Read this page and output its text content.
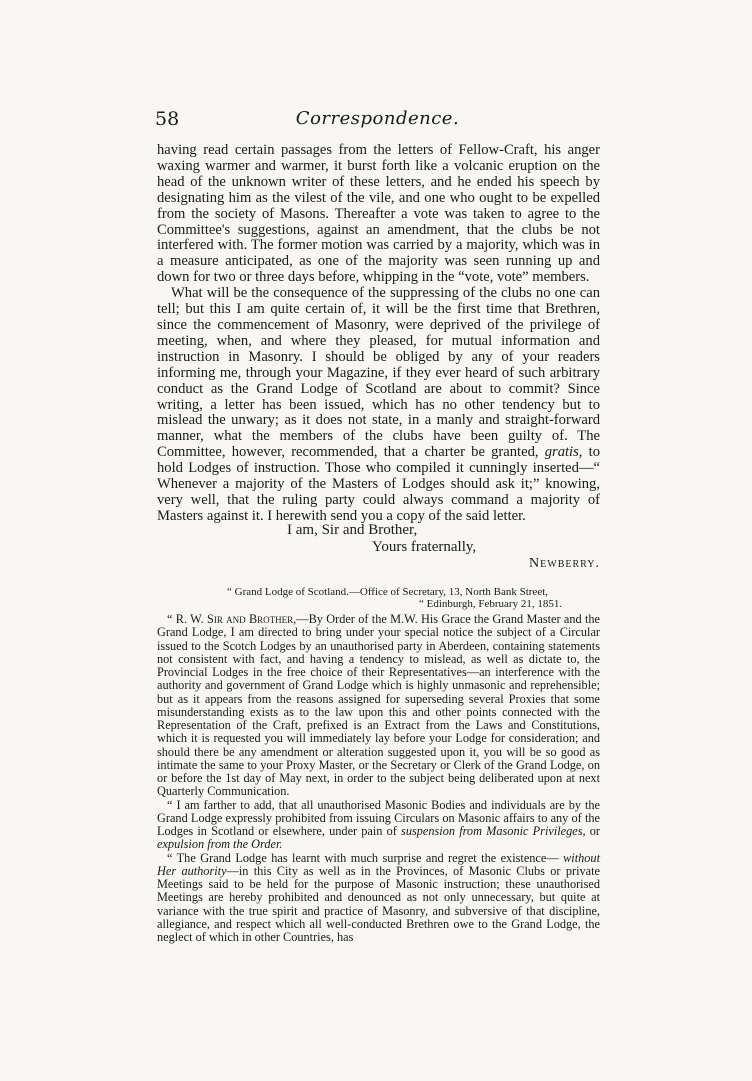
58	Correspondence.

having read certain passages from the letters of Fellow-Craft, his anger waxing warmer and warmer, it burst forth like a volcanic eruption on the head of the unknown writer of these letters, and he ended his speech by designating him as the vilest of the vile, and one who ought to be expelled from the society of Masons. Thereafter a vote was taken to agree to the Committee's suggestions, against an amendment, that the clubs be not interfered with. The former motion was carried by a majority, which was in a measure anticipated, as one of the majority was seen running up and down for two or three days before, whipping in the “vote, vote” members.

What will be the consequence of the suppressing of the clubs no one can tell; but this I am quite certain of, it will be the first time that Brethren, since the commencement of Masonry, were deprived of the privilege of meeting, when, and where they pleased, for mutual information and instruction in Masonry. I should be obliged by any of your readers informing me, through your Magazine, if they ever heard of such arbitrary conduct as the Grand Lodge of Scotland are about to commit? Since writing, a letter has been issued, which has no other tendency but to mislead the unwary; as it does not state, in a manly and straight-forward manner, what the members of the clubs have been guilty of. The Committee, however, recommended, that a charter be granted, gratis, to hold Lodges of instruction. Those who compiled it cunningly inserted—“ Whenever a majority of the Masters of Lodges should ask it;” knowing, very well, that the ruling party could always command a majority of Masters against it. I herewith send you a copy of the said letter.

I am, Sir and Brother,
Yours fraternally,
Newberry.
“ Grand Lodge of Scotland.—Office of Secretary, 13, North Bank Street,
“ Edinburgh, February 21, 1851.

“ R. W. Sir and Brother,—By Order of the M.W. His Grace the Grand Master and the Grand Lodge, I am directed to bring under your special notice the subject of a Circular issued to the Scotch Lodges by an unauthorised party in Aberdeen, containing statements not consistent with fact, and having a tendency to mislead, as well as dictate to, the Provincial Lodges in the free choice of their Representatives—an interference with the authority and government of Grand Lodge which is highly unmasonic and reprehensible; but as it appears from the reasons assigned for superseding several Proxies that some misunderstanding exists as to the law upon this and other points connected with the Representation of the Craft, prefixed is an Extract from the Laws and Constitutions, which it is requested you will immediately lay before your Lodge for consideration; and should there be any amendment or alteration suggested upon it, you will be so good as intimate the same to your Proxy Master, or the Secretary or Clerk of the Grand Lodge, on or before the 1st day of May next, in order to the subject being deliberated upon at next Quarterly Communication.

“ I am farther to add, that all unauthorised Masonic Bodies and individuals are by the Grand Lodge expressly prohibited from issuing Circulars on Masonic affairs to any of the Lodges in Scotland or elsewhere, under pain of suspension from Masonic Privileges, or expulsion from the Order.

“ The Grand Lodge has learnt with much surprise and regret the existence— without Her authority—in this City as well as in the Provinces, of Masonic Clubs or private Meetings said to be held for the purpose of Masonic instruction; these unauthorised Meetings are hereby prohibited and denounced as not only unnecessary, but quite at variance with the true spirit and practice of Masonry, and subversive of that discipline, allegiance, and respect which all well-conducted Brethren owe to the Grand Lodge, the neglect of which in other Countries, has
